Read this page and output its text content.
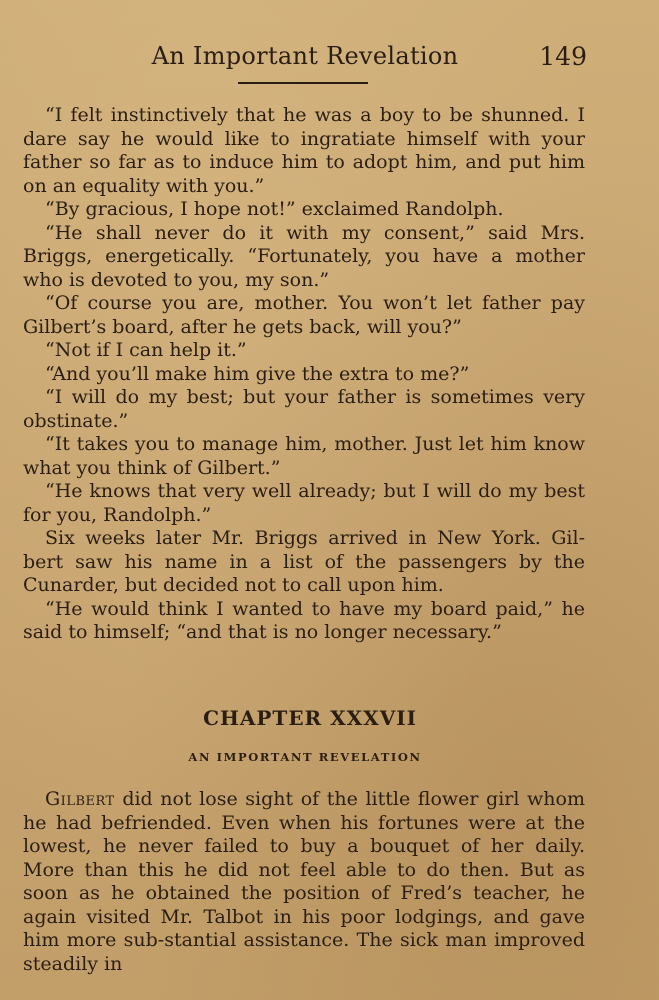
An Important Revelation	149

“I felt instinctively that he was a boy to be shunned. I dare say he would like to ingratiate himself with your father so far as to induce him to adopt him, and put him on an equality with you.”

“By gracious, I hope not!” exclaimed Randolph.

“He shall never do it with my consent,” said Mrs. Briggs, energetically. “Fortunately, you have a mother who is devoted to you, my son.”

“Of course you are, mother. You won’t let father pay Gilbert’s board, after he gets back, will you?”

“Not if I can help it.”

“And you’ll make him give the extra to me?”

“I will do my best; but your father is sometimes very obstinate.”

“It takes you to manage him, mother. Just let him know what you think of Gilbert.”

“He knows that very well already; but I will do my best for you, Randolph.”

Six weeks later Mr. Briggs arrived in New York. Gil-bert saw his name in a list of the passengers by the Cunarder, but decided not to call upon him.

“He would think I wanted to have my board paid,” he said to himself; “and that is no longer necessary.”

CHAPTER XXXVII
AN IMPORTANT REVELATION

Gilbert did not lose sight of the little flower girl whom he had befriended. Even when his fortunes were at the lowest, he never failed to buy a bouquet of her daily. More than this he did not feel able to do then. But as soon as he obtained the position of Fred’s teacher, he again visited Mr. Talbot in his poor lodgings, and gave him more sub-stantial assistance. The sick man improved steadily in
